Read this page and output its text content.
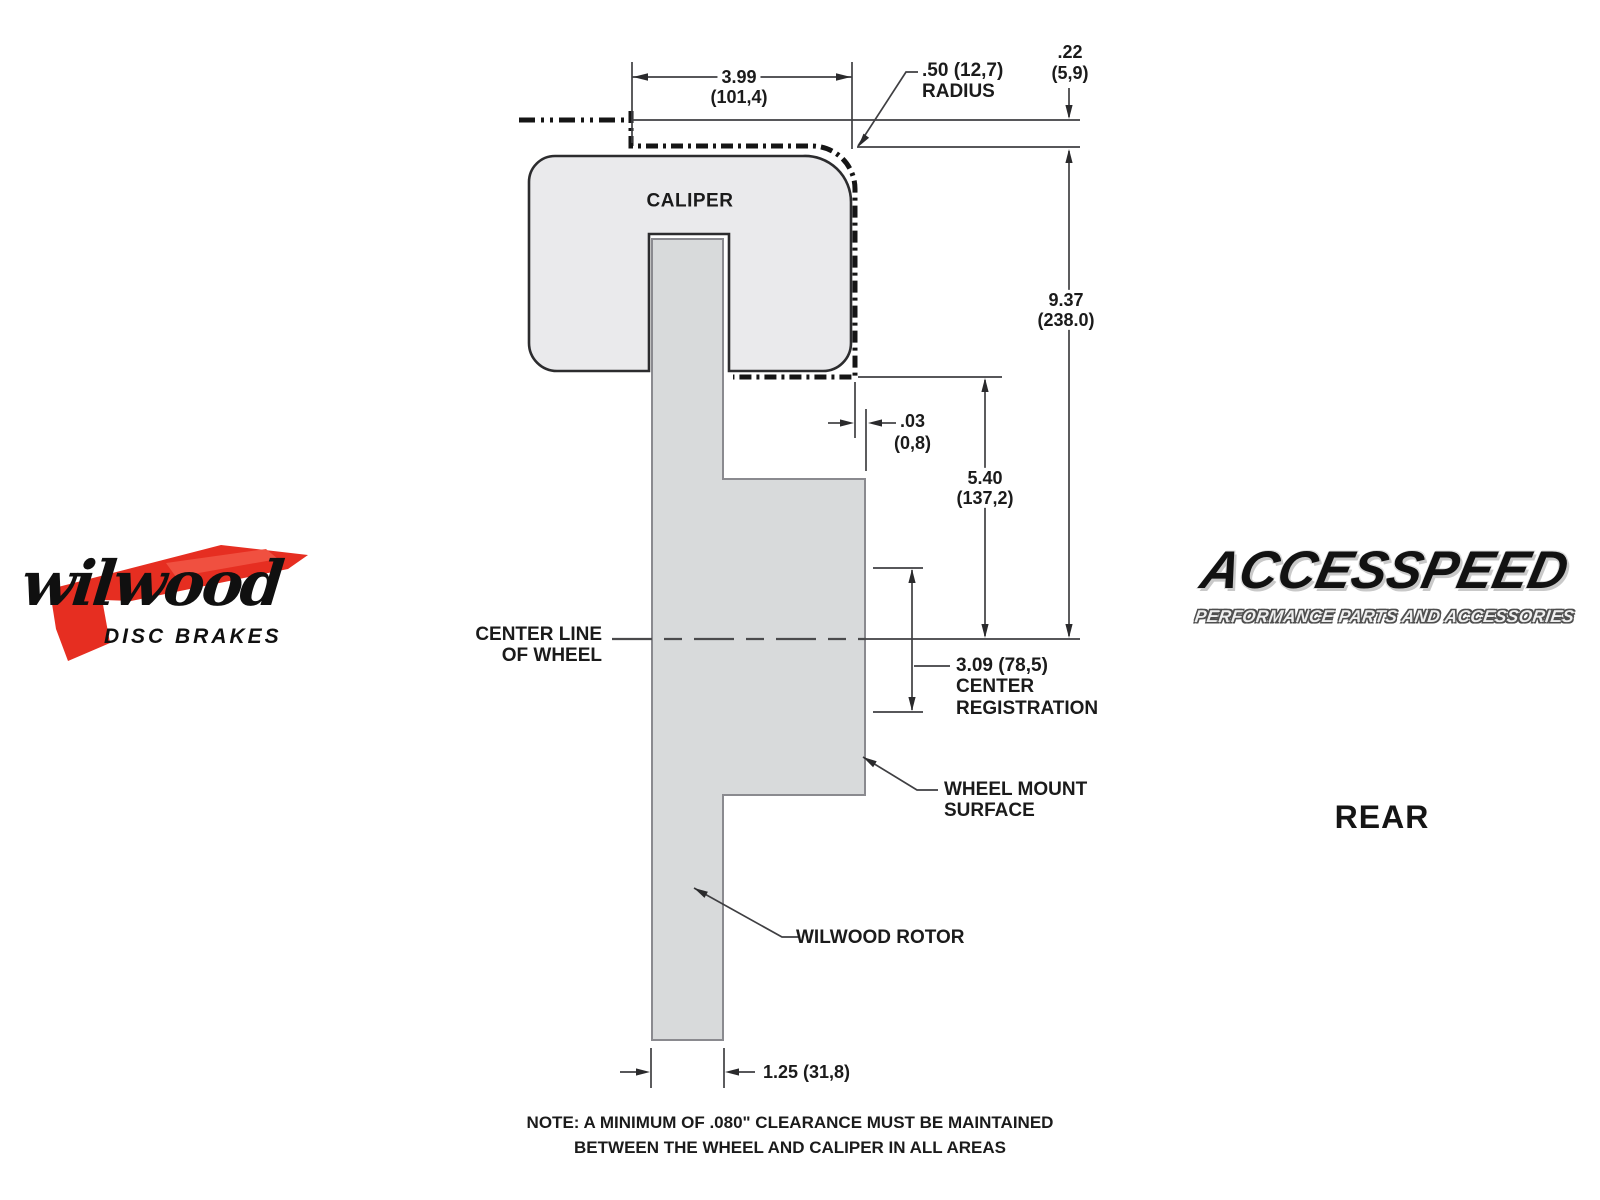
CALIPER
3.99
(101,4)
.50 (12,7)
RADIUS
.22
(5,9)
9.37
(238.0)
.03
(0,8)
5.40
(137,2)
CENTER LINE
OF WHEEL	3.09 (78,5)
CENTER
REGISTRATION
WHEEL MOUNT
SURFACE
WILWOOD ROTOR
1.25 (31,8)
NOTE: A MINIMUM OF .080" CLEARANCE MUST BE MAINTAINED
BETWEEN THE WHEEL AND CALIPER IN ALL AREAS
wilwood
DISC BRAKES
ACCESSPEED
PERFORMANCE PARTS AND ACCESSORIES
REAR
